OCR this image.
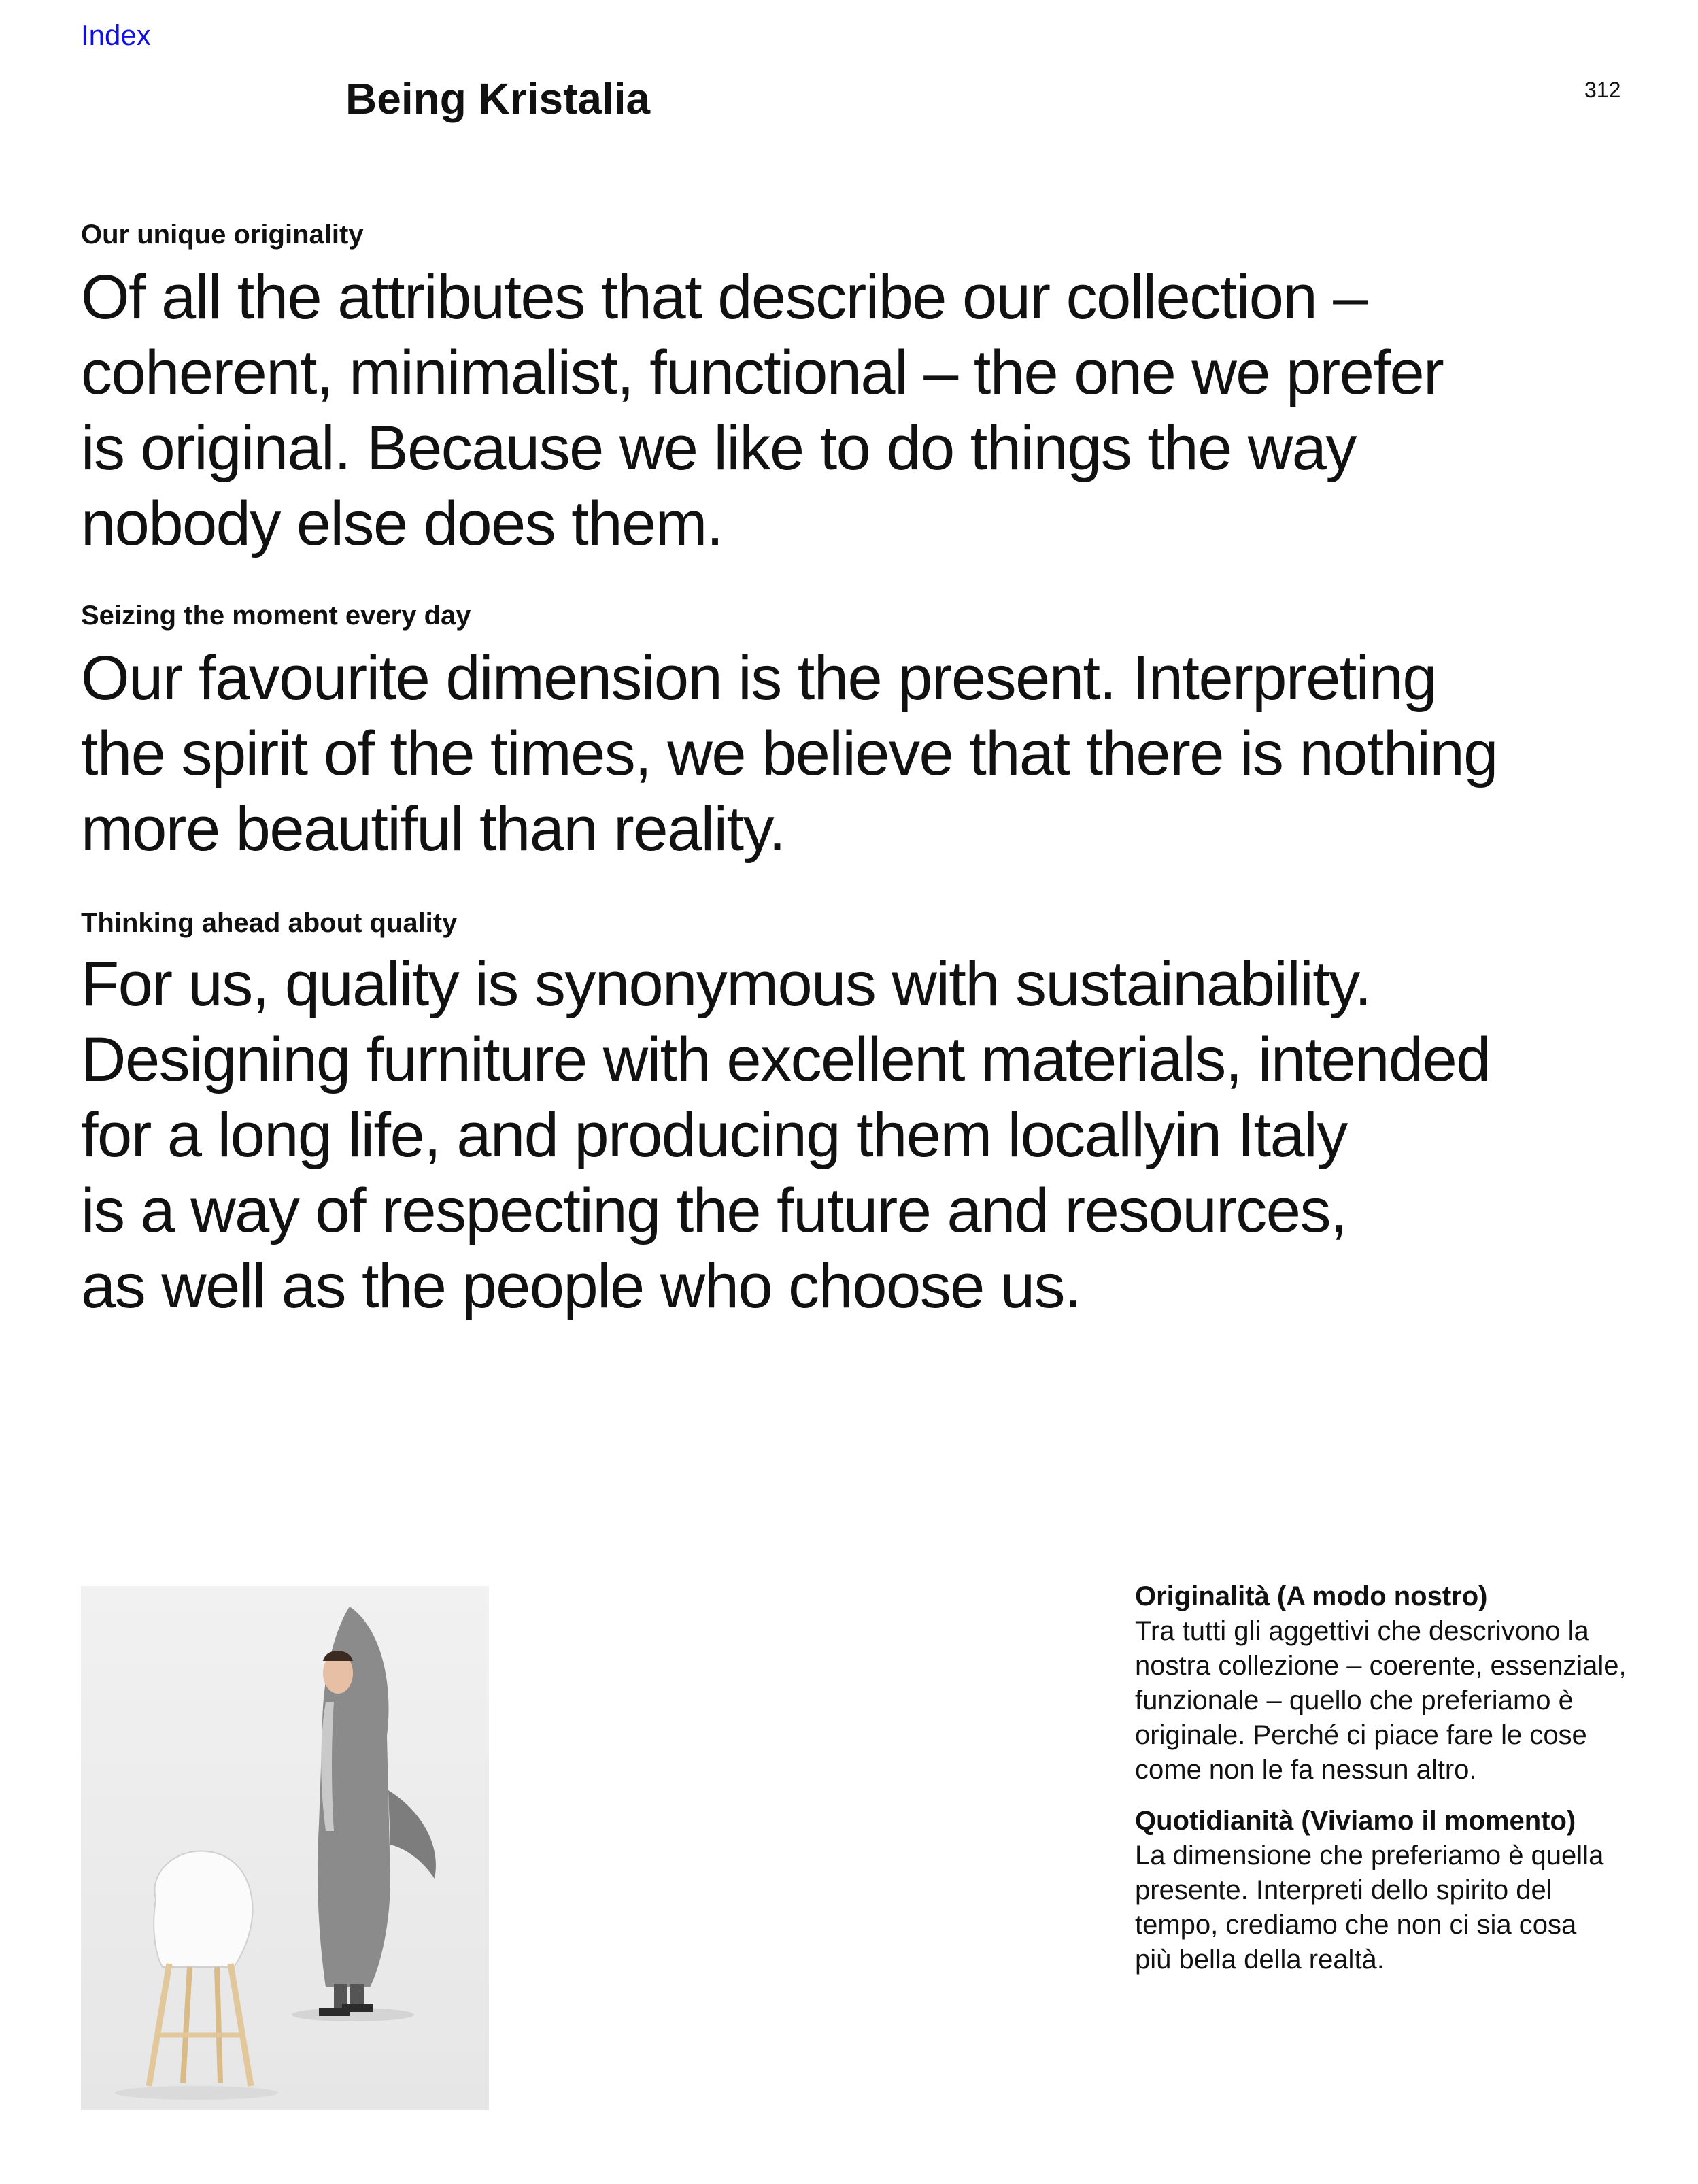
Index
Being Kristalia	312

Our unique originality

Of all the attributes that describe our collection –
coherent, minimalist, functional – the one we prefer
is original. Because we like to do things the way
nobody else does them.

Seizing the moment every day

Our favourite dimension is the present. Interpreting
the spirit of the times, we believe that there is nothing
more beautiful than reality.

Thinking ahead about quality

For us, quality is synonymous with sustainability.
Designing furniture with excellent materials, intended
for a long life, and producing them locallyin Italy
is a way of respecting the future and resources,
as well as the people who choose us.

Originalità (A modo nostro)

Tra tutti gli aggettivi che descrivono la
nostra collezione – coerente, essenziale,
funzionale – quello che preferiamo è
originale. Perché ci piace fare le cose
come non le fa nessun altro.

Quotidianità (Viviamo il momento)

La dimensione che preferiamo è quella
presente. Interpreti dello spirito del
tempo, crediamo che non ci sia cosa
più bella della realtà.
